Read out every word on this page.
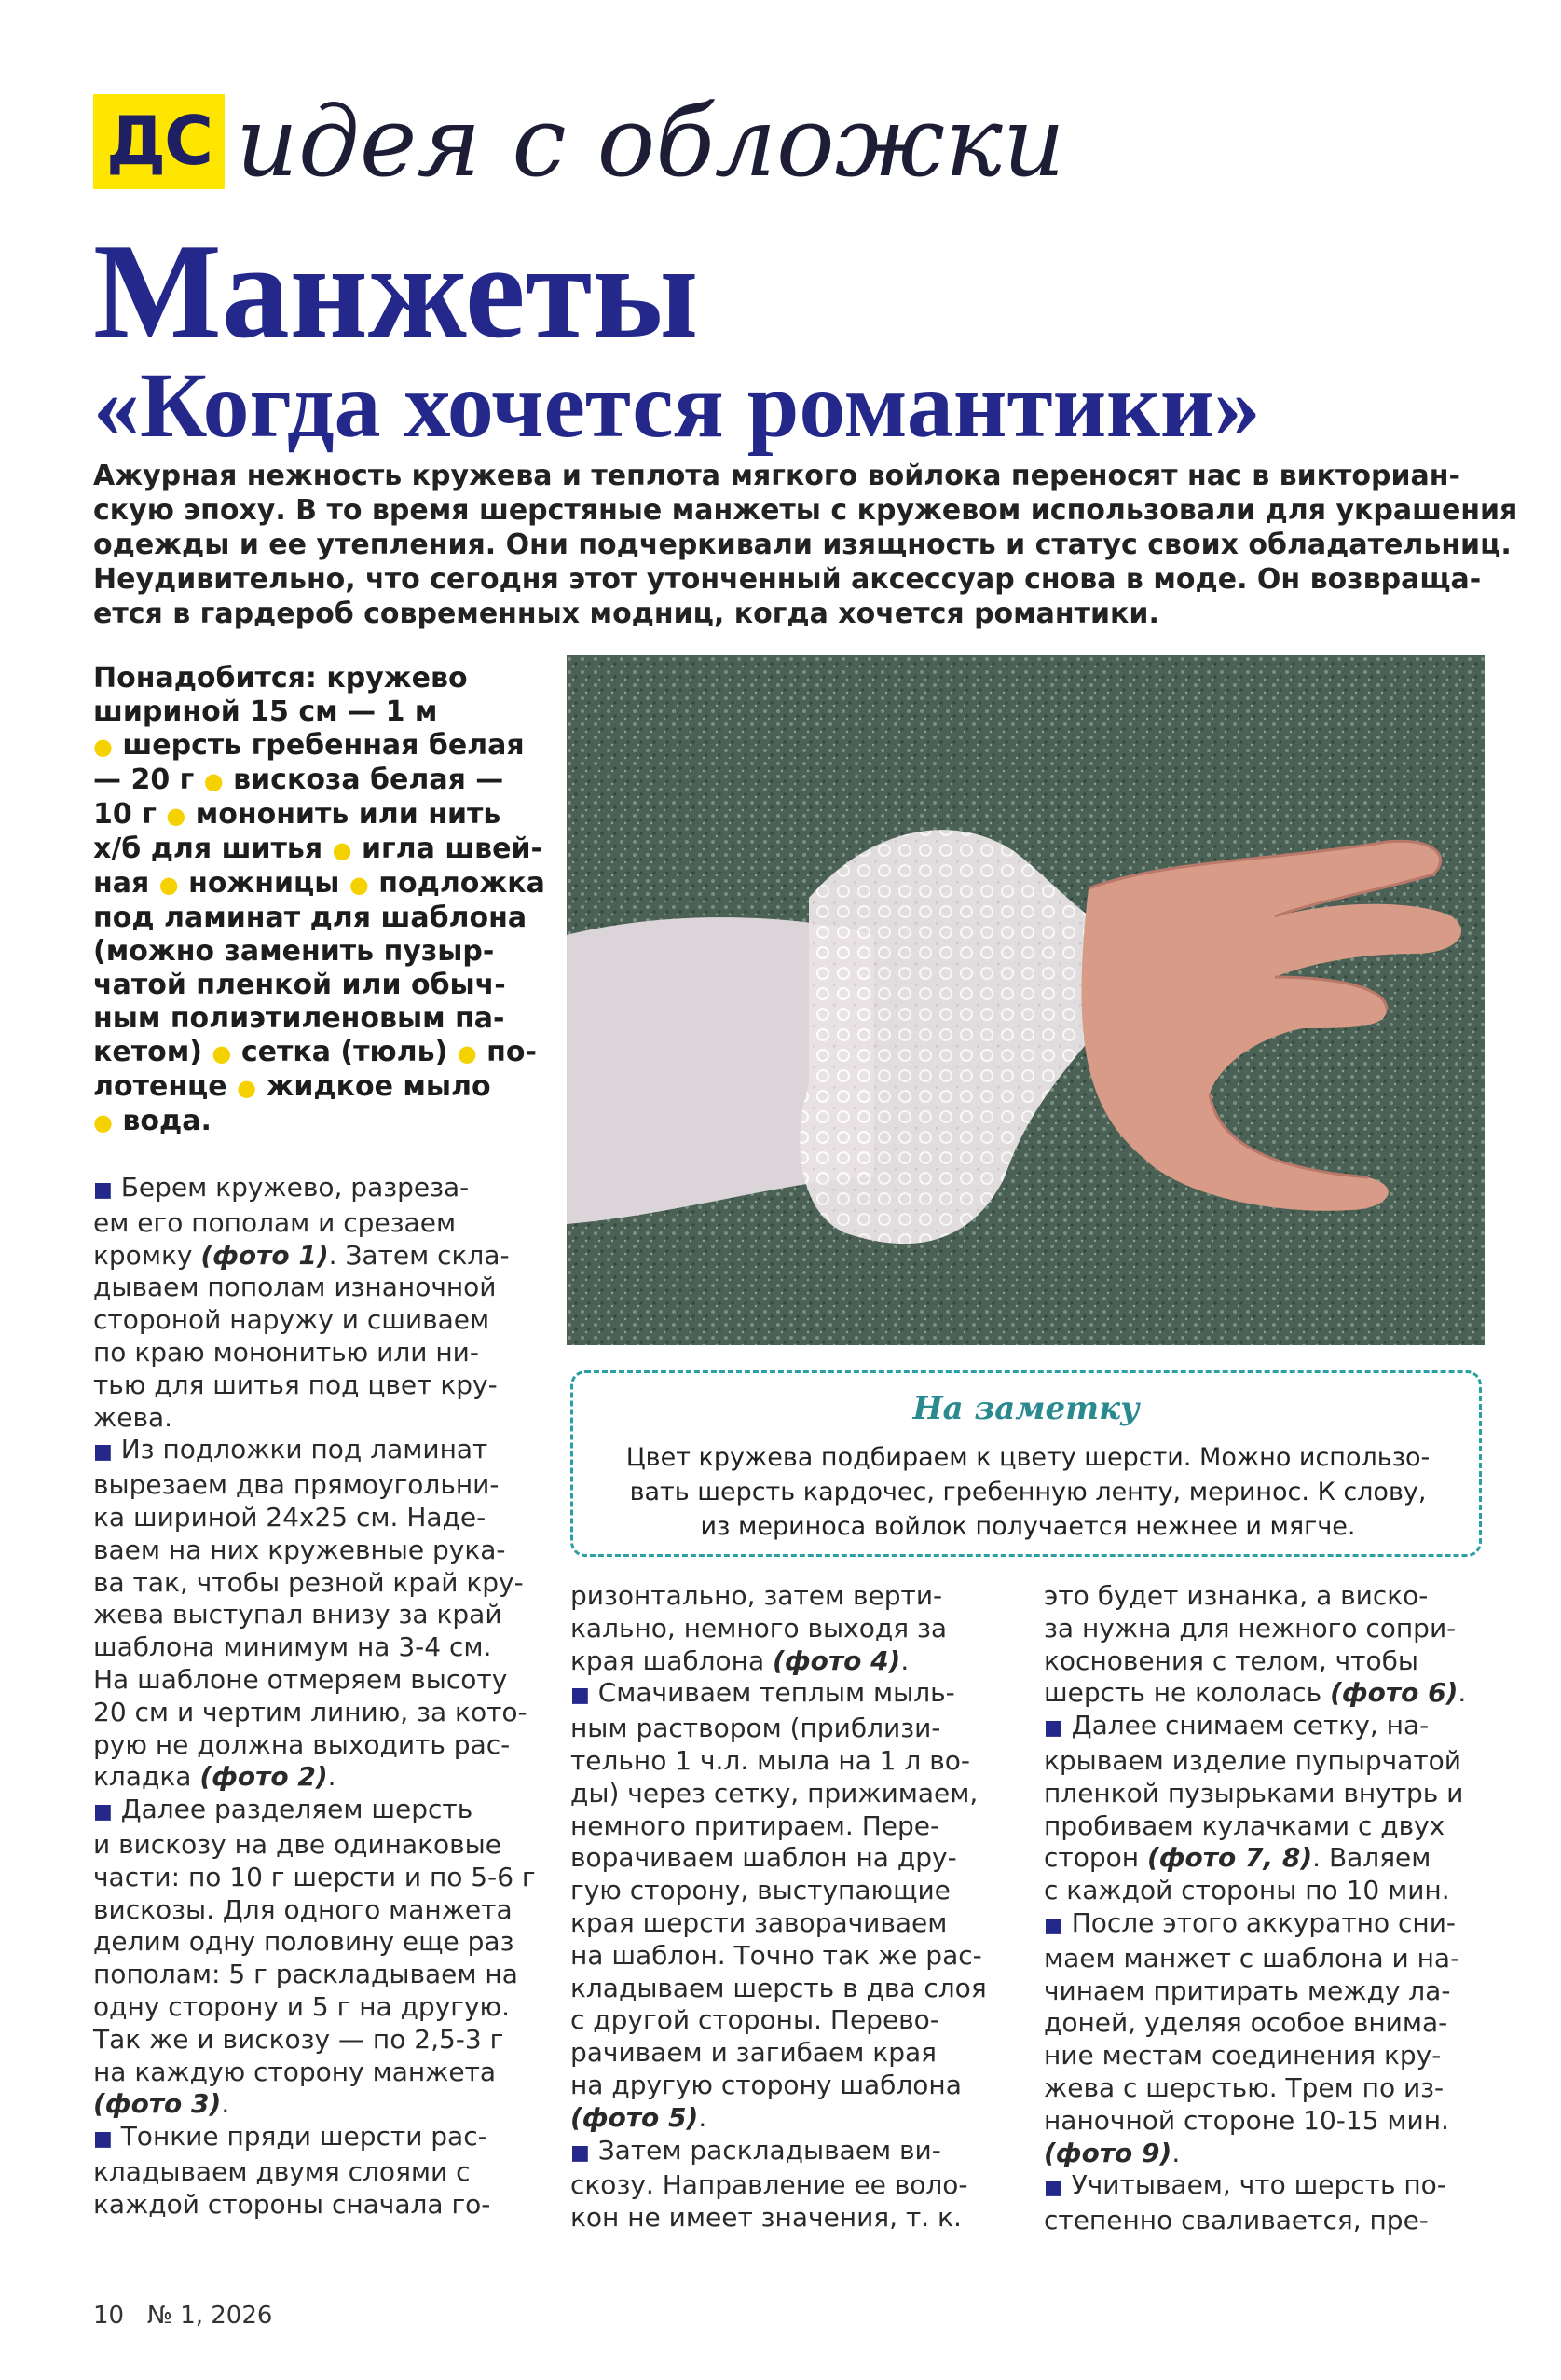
ДС идея с обложки
Манжеты
«Когда хочется романтики»

Ажурная нежность кружева и теплота мягкого войлока переносят нас в викториан-
скую эпоху. В то время шерстяные манжеты с кружевом использовали для украшения
одежды и ее утепления. Они подчеркивали изящность и статус своих обладательниц.
Неудивительно, что сегодня этот утонченный аксессуар снова в моде. Он возвраща-
ется в гардероб современных модниц, когда хочется романтики.

Понадобится: кружево
шириной 15 см — 1 м
● шерсть гребенная белая
— 20 г ● вискоза белая —
10 г ● мононить или нить
х/б для шитья ● игла швей-
ная ● ножницы ● подложка
под ламинат для шаблона
(можно заменить пузыр-
чатой пленкой или обыч-
ным полиэтиленовым па-
кетом) ● сетка (тюль) ● по-
лотенце ● жидкое мыло
● вода.

На заметку
Цвет кружева подбираем к цвету шерсти. Можно использо-
вать шерсть кардочес, гребенную ленту, меринос. К слову,
из мериноса войлок получается нежнее и мягче.
■ Берем кружево, разреза-
ем его пополам и срезаем
кромку (фото 1). Затем скла-
дываем пополам изнаночной
стороной наружу и сшиваем
по краю мононитью или ни-
тью для шитья под цвет кру-
жева.
■ Из подложки под ламинат
вырезаем два прямоугольни-
ка шириной 24х25 см. Наде-
ваем на них кружевные рука-
ва так, чтобы резной край кру-
жева выступал внизу за край
шаблона минимум на 3-4 см.
На шаблоне отмеряем высоту
20 см и чертим линию, за кото-
рую не должна выходить рас-
кладка (фото 2).
■ Далее разделяем шерсть
и вискозу на две одинаковые
части: по 10 г шерсти и по 5-6 г
вискозы. Для одного манжета
делим одну половину еще раз
пополам: 5 г раскладываем на
одну сторону и 5 г на другую.
Так же и вискозу — по 2,5-3 г
на каждую сторону манжета
(фото 3).
■ Тонкие пряди шерсти рас-
кладываем двумя слоями с
каждой стороны сначала го-
ризонтально, затем верти-
кально, немного выходя за
края шаблона (фото 4).
■ Смачиваем теплым мыль-
ным раствором (приблизи-
тельно 1 ч.л. мыла на 1 л во-
ды) через сетку, прижимаем,
немного притираем. Пере-
ворачиваем шаблон на дру-
гую сторону, выступающие
края шерсти заворачиваем
на шаблон. Точно так же рас-
кладываем шерсть в два слоя
с другой стороны. Перево-
рачиваем и загибаем края
на другую сторону шаблона
(фото 5).
■ Затем раскладываем ви-
скозу. Направление ее воло-
кон не имеет значения, т. к.
это будет изнанка, а виско-
за нужна для нежного сопри-
косновения с телом, чтобы
шерсть не кололась (фото 6).
■ Далее снимаем сетку, на-
крываем изделие пупырчатой
пленкой пузырьками внутрь и
пробиваем кулачками с двух
сторон (фото 7, 8). Валяем
с каждой стороны по 10 мин.
■ После этого аккуратно сни-
маем манжет с шаблона и на-
чинаем притирать между ла-
доней, уделяя особое внима-
ние местам соединения кру-
жева с шерстью. Трем по из-
наночной стороне 10-15 мин.
(фото 9).
■ Учитываем, что шерсть по-
степенно сваливается, пре-
10 № 1, 2026
